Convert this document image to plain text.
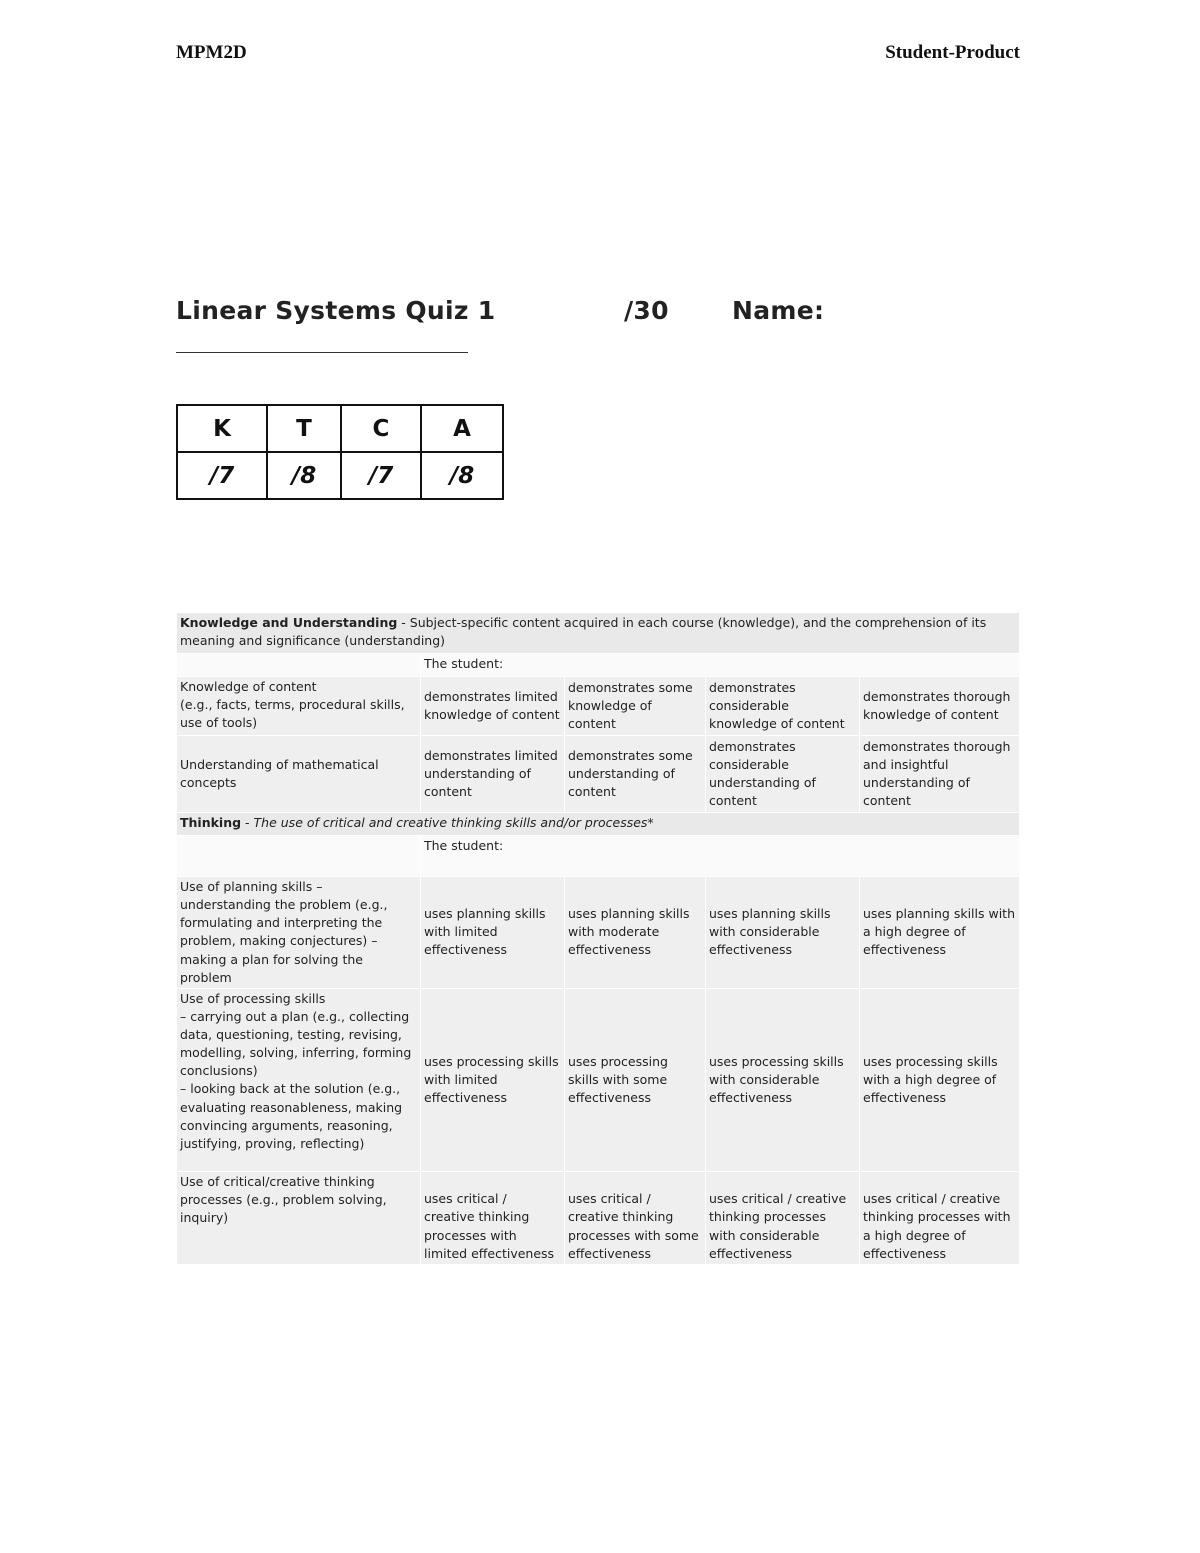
MPM2D	Student-Product
Linear Systems Quiz 1	/30	Name:
K	T	C	A
/7	/8	/7	/8
Knowledge and Understanding - Subject-specific content acquired in each course (knowledge), and the comprehension of its meaning and significance (understanding)				
	The student:			
Knowledge of content
(e.g., facts, terms, procedural skills, use of tools)	demonstrates limited knowledge of content	demonstrates some knowledge of content	demonstrates considerable knowledge of content	demonstrates thorough knowledge of content
Understanding of mathematical concepts	demonstrates limited understanding of content	demonstrates some understanding of content	demonstrates considerable understanding of content	demonstrates thorough and insightful understanding of content
Thinking - The use of critical and creative thinking skills and/or processes*				
	The student:			
Use of planning skills – understanding the problem (e.g., formulating and interpreting the problem, making conjectures) – making a plan for solving the problem	uses planning skills with limited effectiveness	uses planning skills with moderate effectiveness	uses planning skills with considerable effectiveness	uses planning skills with a high degree of effectiveness
Use of processing skills
– carrying out a plan (e.g., collecting data, questioning, testing, revising, modelling, solving, inferring, forming conclusions)
– looking back at the solution (e.g., evaluating reasonableness, making convincing arguments, reasoning, justifying, proving, reflecting)	uses processing skills with limited effectiveness	uses processing skills with some effectiveness	uses processing skills with considerable effectiveness	uses processing skills with a high degree of effectiveness
Use of critical/creative thinking processes (e.g., problem solving, inquiry)	uses critical / creative thinking processes with limited effectiveness	uses critical / creative thinking processes with some effectiveness	uses critical / creative thinking processes with considerable effectiveness	uses critical / creative thinking processes with a high degree of effectiveness
